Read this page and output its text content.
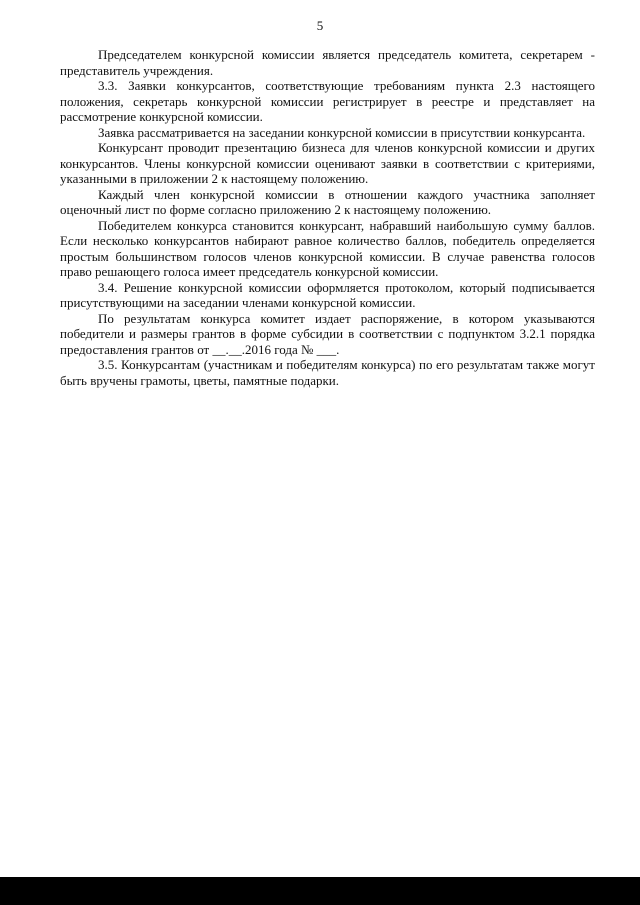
5

Председателем конкурсной комиссии является председатель комитета, секретарем - представитель учреждения.

3.3. Заявки конкурсантов, соответствующие требованиям пункта 2.3 настоящего положения, секретарь конкурсной комиссии регистрирует в реестре и представляет на рассмотрение конкурсной комиссии.

Заявка рассматривается на заседании конкурсной комиссии в присутствии конкурсанта.

Конкурсант проводит презентацию бизнеса для членов конкурсной комиссии и других конкурсантов. Члены конкурсной комиссии оценивают заявки в соответствии с критериями, указанными в приложении 2 к настоящему положению.

Каждый член конкурсной комиссии в отношении каждого участника заполняет оценочный лист по форме согласно приложению 2 к настоящему положению.

Победителем конкурса становится конкурсант, набравший наибольшую сумму баллов. Если несколько конкурсантов набирают равное количество баллов, победитель определяется простым большинством голосов членов конкурсной комиссии. В случае равенства голосов право решающего голоса имеет председатель конкурсной комиссии.

3.4. Решение конкурсной комиссии оформляется протоколом, который подписывается присутствующими на заседании членами конкурсной комиссии.

По результатам конкурса комитет издает распоряжение, в котором указываются победители и размеры грантов в форме субсидии в соответствии с подпунктом 3.2.1 порядка предоставления грантов от __.__.2016 года № ___.

3.5. Конкурсантам (участникам и победителям конкурса) по его результатам также могут быть вручены грамоты, цветы, памятные подарки.
